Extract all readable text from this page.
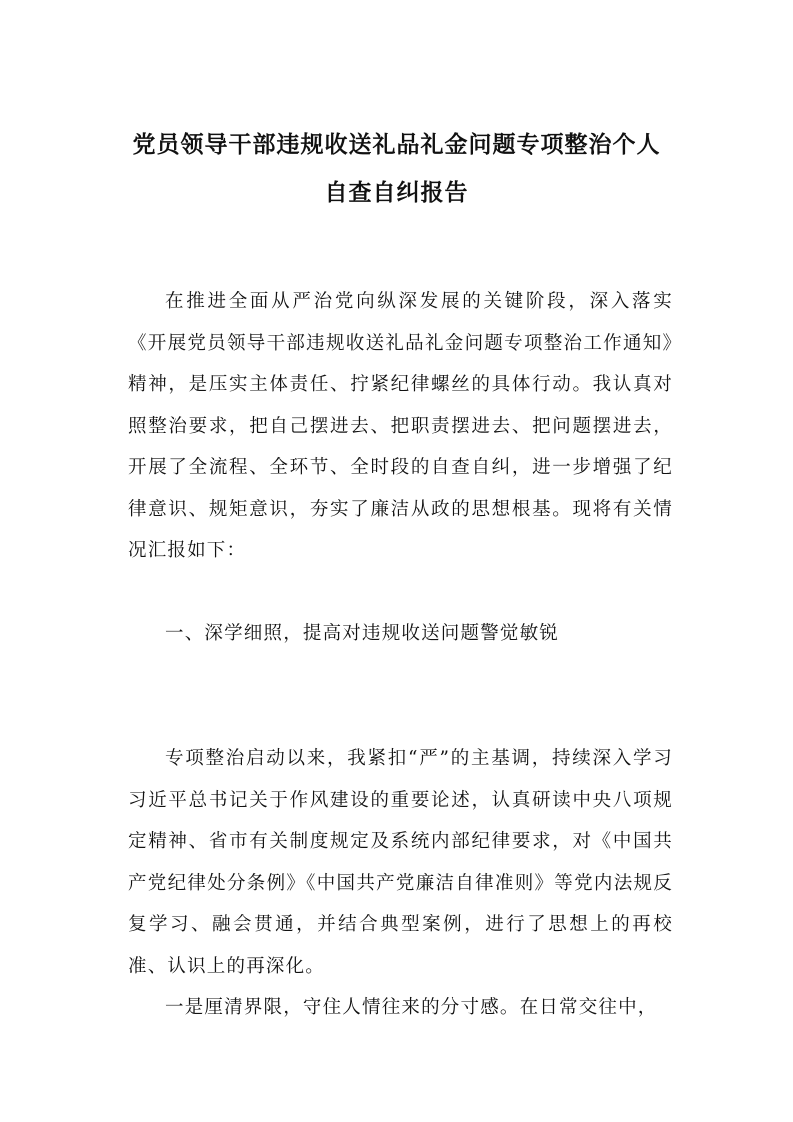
党员领导干部违规收送礼品礼金问题专项整治个人
自查自纠报告

在推进全面从严治党向纵深发展的关键阶段，深入落实《开展党员领导干部违规收送礼品礼金问题专项整治工作通知》精神，是压实主体责任、拧紧纪律螺丝的具体行动。我认真对照整治要求，把自己摆进去、把职责摆进去、把问题摆进去，开展了全流程、全环节、全时段的自查自纠，进一步增强了纪律意识、规矩意识，夯实了廉洁从政的思想根基。现将有关情况汇报如下：

一、深学细照，提高对违规收送问题警觉敏锐

专项整治启动以来，我紧扣“严”的主基调，持续深入学习习近平总书记关于作风建设的重要论述，认真研读中央八项规定精神、省市有关制度规定及系统内部纪律要求，对《中国共产党纪律处分条例》《中国共产党廉洁自律准则》等党内法规反复学习、融会贯通，并结合典型案例，进行了思想上的再校准、认识上的再深化。

一是厘清界限，守住人情往来的分寸感。在日常交往中，
